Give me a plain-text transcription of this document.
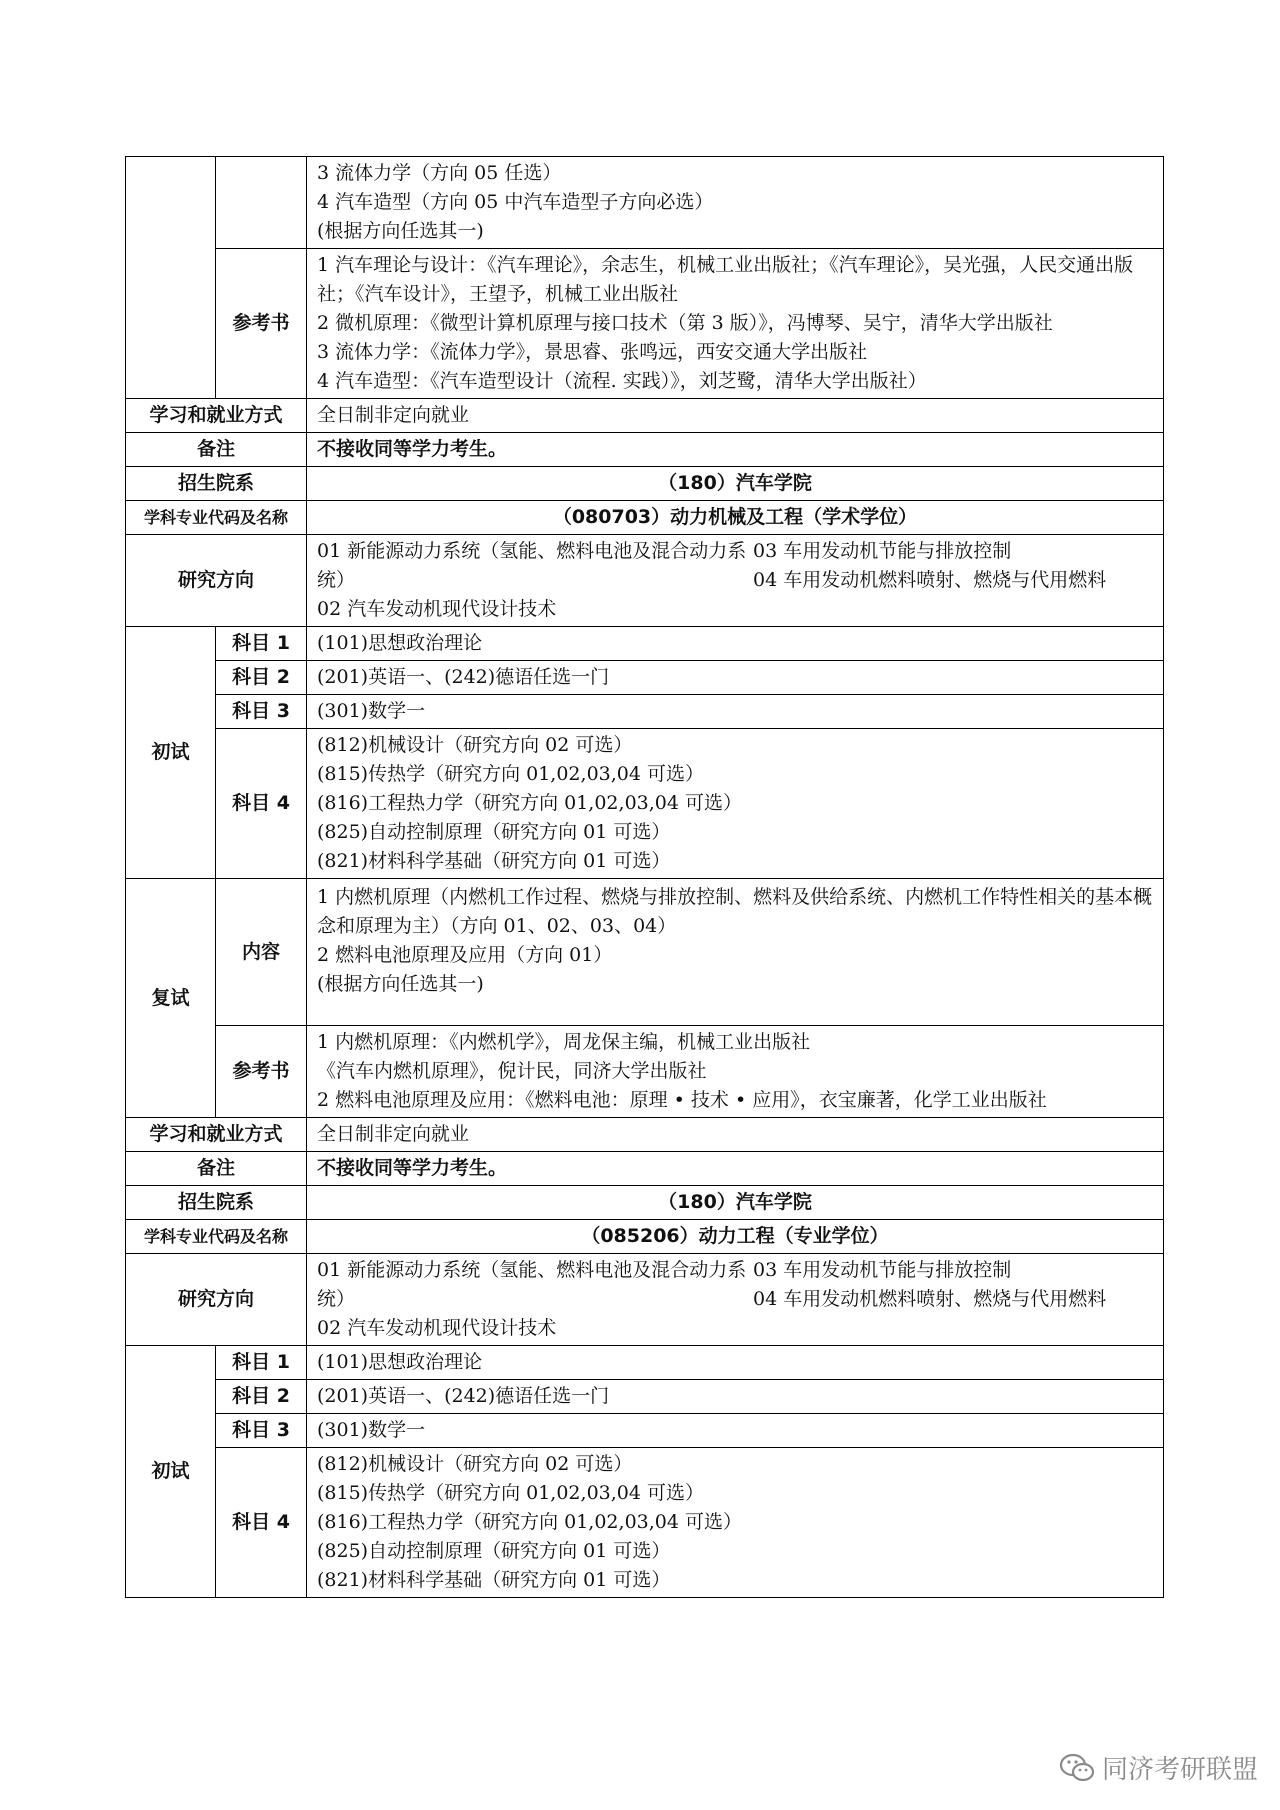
		3 流体力学（方向 05 任选）
4 汽车造型（方向 05 中汽车造型子方向必选）
(根据方向任选其一)

	参考书	1 汽车理论与设计：《汽车理论》，余志生，机械工业出版社；《汽车理论》，吴光强，人民交通出版社；《汽车设计》，王望予，机械工业出版社
2 微机原理：《微型计算机原理与接口技术（第 3 版）》，冯博琴、吴宁，清华大学出版社
3 流体力学：《流体力学》，景思睿、张鸣远，西安交通大学出版社
4 汽车造型：《汽车造型设计（流程. 实践）》，刘芝鹭，清华大学出版社）

学习和就业方式		全日制非定向就业
备注		不接收同等学力考生。
招生院系		（180）汽车学院
学科专业代码及名称		（080703）动力机械及工程（学术学位）
研究方向		01 新能源动力系统（氢能、燃料电池及混合动力系统）
02 汽车发动机现代设计技术
03 车用发动机节能与排放控制
04 车用发动机燃料喷射、燃烧与代用燃料

初试	科目 1	(101)思想政治理论
	科目 2	(201)英语一、(242)德语任选一门
	科目 3	(301)数学一
	科目 4	(812)机械设计（研究方向 02 可选）
(815)传热学（研究方向 01,02,03,04 可选）
(816)工程热力学（研究方向 01,02,03,04 可选）
(825)自动控制原理（研究方向 01 可选）
(821)材料科学基础（研究方向 01 可选）

复试	内容	1 内燃机原理（内燃机工作过程、燃烧与排放控制、燃料及供给系统、内燃机工作特性相关的基本概念和原理为主）（方向 01、02、03、04）
2 燃料电池原理及应用（方向 01）
(根据方向任选其一)

	参考书	1 内燃机原理：《内燃机学》，周龙保主编，机械工业出版社
《汽车内燃机原理》，倪计民，同济大学出版社
2 燃料电池原理及应用：《燃料电池：原理 • 技术 • 应用》，衣宝廉著，化学工业出版社

学习和就业方式		全日制非定向就业
备注		不接收同等学力考生。
招生院系		（180）汽车学院
学科专业代码及名称		（085206）动力工程（专业学位）
研究方向		01 新能源动力系统（氢能、燃料电池及混合动力系统）
02 汽车发动机现代设计技术
03 车用发动机节能与排放控制
04 车用发动机燃料喷射、燃烧与代用燃料

初试	科目 1	(101)思想政治理论
	科目 2	(201)英语一、(242)德语任选一门
	科目 3	(301)数学一
	科目 4	(812)机械设计（研究方向 02 可选）
(815)传热学（研究方向 01,02,03,04 可选）
(816)工程热力学（研究方向 01,02,03,04 可选）
(825)自动控制原理（研究方向 01 可选）
(821)材料科学基础（研究方向 01 可选）
同济考研联盟
